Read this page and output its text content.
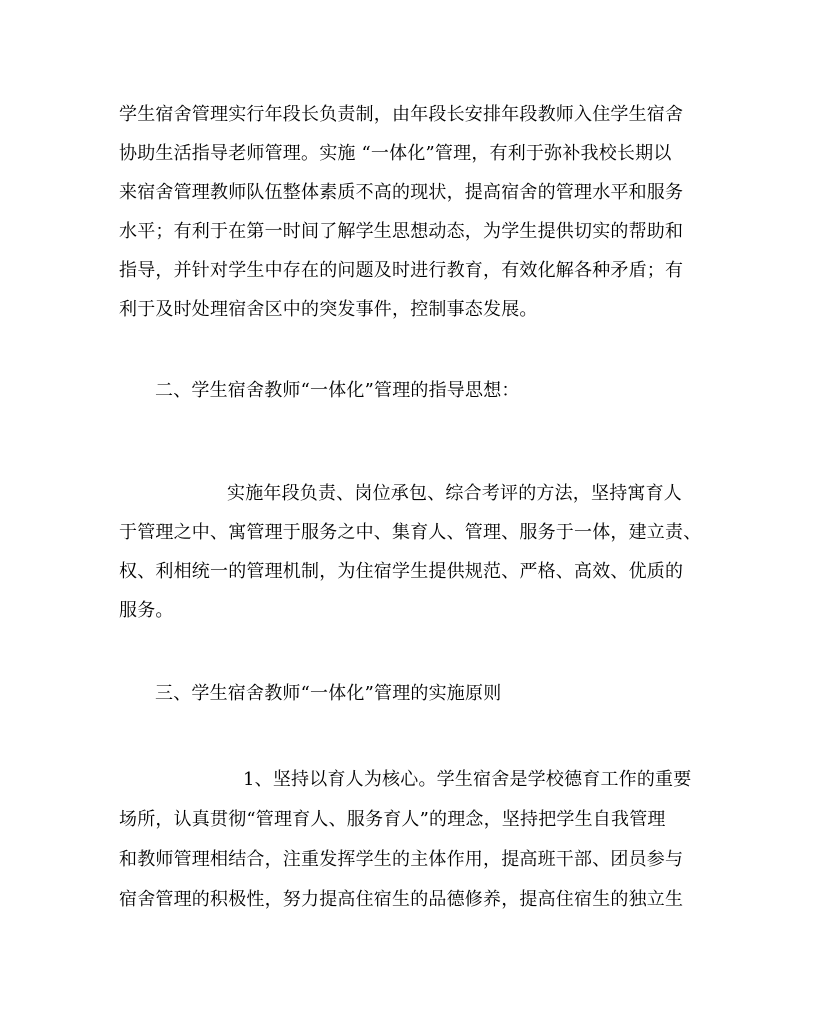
学生宿舍管理实行年段长负责制，由年段长安排年段教师入住学生宿舍
协助生活指导老师管理。实施 “一体化”管理，有利于弥补我校长期以
来宿舍管理教师队伍整体素质不高的现状，提高宿舍的管理水平和服务
水平；有利于在第一时间了解学生思想动态，为学生提供切实的帮助和
指导，并针对学生中存在的问题及时进行教育，有效化解各种矛盾；有
利于及时处理宿舍区中的突发事件，控制事态发展。
二、学生宿舍教师“一体化”管理的指导思想：
实施年段负责、岗位承包、综合考评的方法，坚持寓育人
于管理之中、寓管理于服务之中、集育人、管理、服务于一体，建立责、
权、利相统一的管理机制，为住宿学生提供规范、严格、高效、优质的
服务。
三、学生宿舍教师“一体化”管理的实施原则
1、坚持以育人为核心。学生宿舍是学校德育工作的重要
场所，认真贯彻“管理育人、服务育人”的理念，坚持把学生自我管理
和教师管理相结合，注重发挥学生的主体作用，提高班干部、团员参与
宿舍管理的积极性，努力提高住宿生的品德修养，提高住宿生的独立生
